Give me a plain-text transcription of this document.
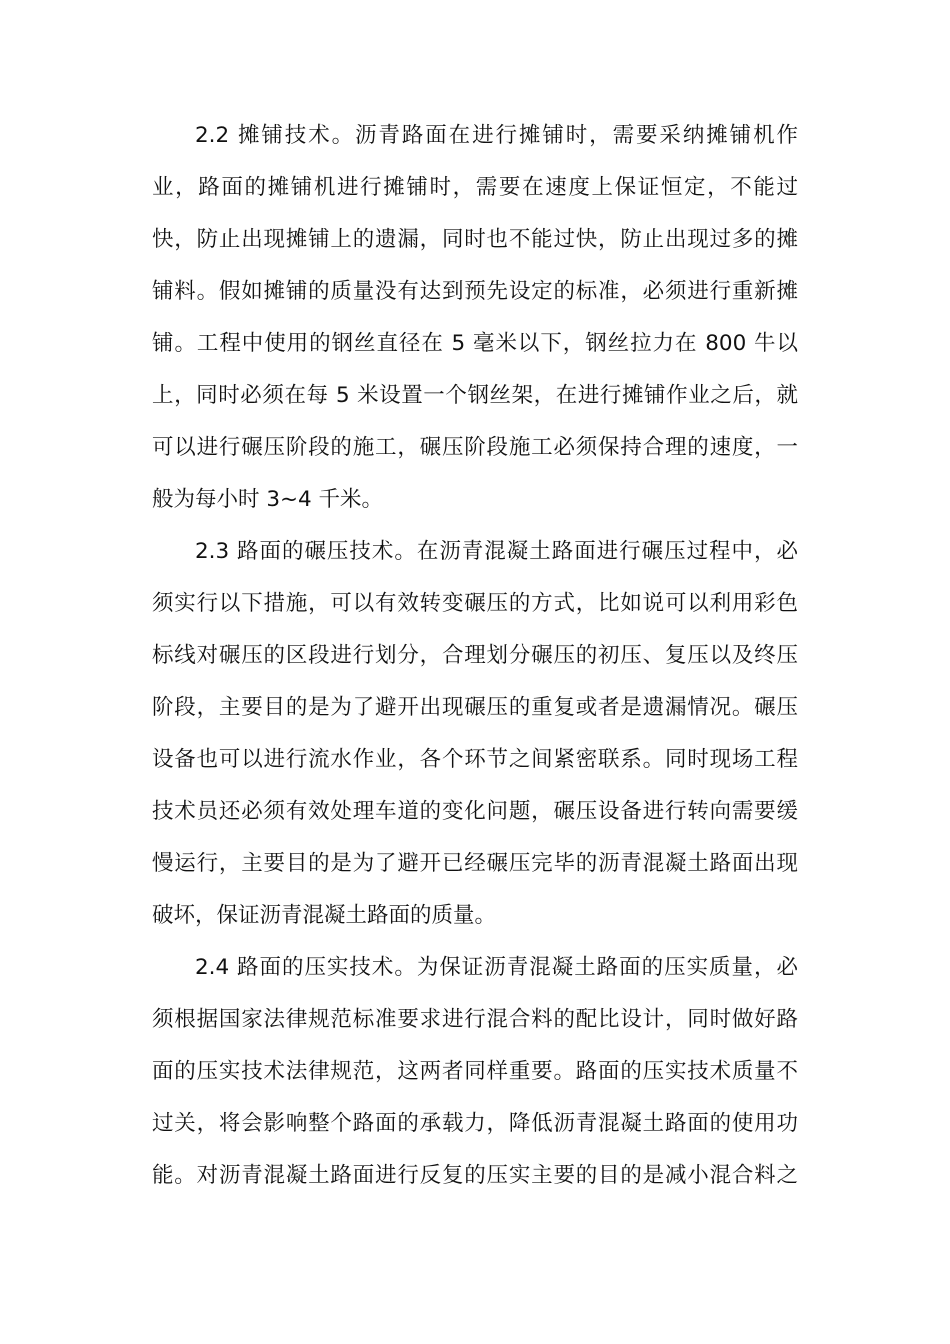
2.2 摊铺技术。沥青路面在进行摊铺时，需要采纳摊铺机作

业，路面的摊铺机进行摊铺时，需要在速度上保证恒定，不能过

快，防止出现摊铺上的遗漏，同时也不能过快，防止出现过多的摊

铺料。假如摊铺的质量没有达到预先设定的标准，必须进行重新摊

铺。工程中使用的钢丝直径在 5 毫米以下，钢丝拉力在 800 牛以

上，同时必须在每 5 米设置一个钢丝架，在进行摊铺作业之后，就

可以进行碾压阶段的施工，碾压阶段施工必须保持合理的速度，一

般为每小时 3~4 千米。

2.3 路面的碾压技术。在沥青混凝土路面进行碾压过程中，必

须实行以下措施，可以有效转变碾压的方式，比如说可以利用彩色

标线对碾压的区段进行划分，合理划分碾压的初压、复压以及终压

阶段，主要目的是为了避开出现碾压的重复或者是遗漏情况。碾压

设备也可以进行流水作业，各个环节之间紧密联系。同时现场工程

技术员还必须有效处理车道的变化问题，碾压设备进行转向需要缓

慢运行，主要目的是为了避开已经碾压完毕的沥青混凝土路面出现

破坏，保证沥青混凝土路面的质量。

2.4 路面的压实技术。为保证沥青混凝土路面的压实质量，必

须根据国家法律规范标准要求进行混合料的配比设计，同时做好路

面的压实技术法律规范，这两者同样重要。路面的压实技术质量不

过关，将会影响整个路面的承载力，降低沥青混凝土路面的使用功

能。对沥青混凝土路面进行反复的压实主要的目的是减小混合料之
